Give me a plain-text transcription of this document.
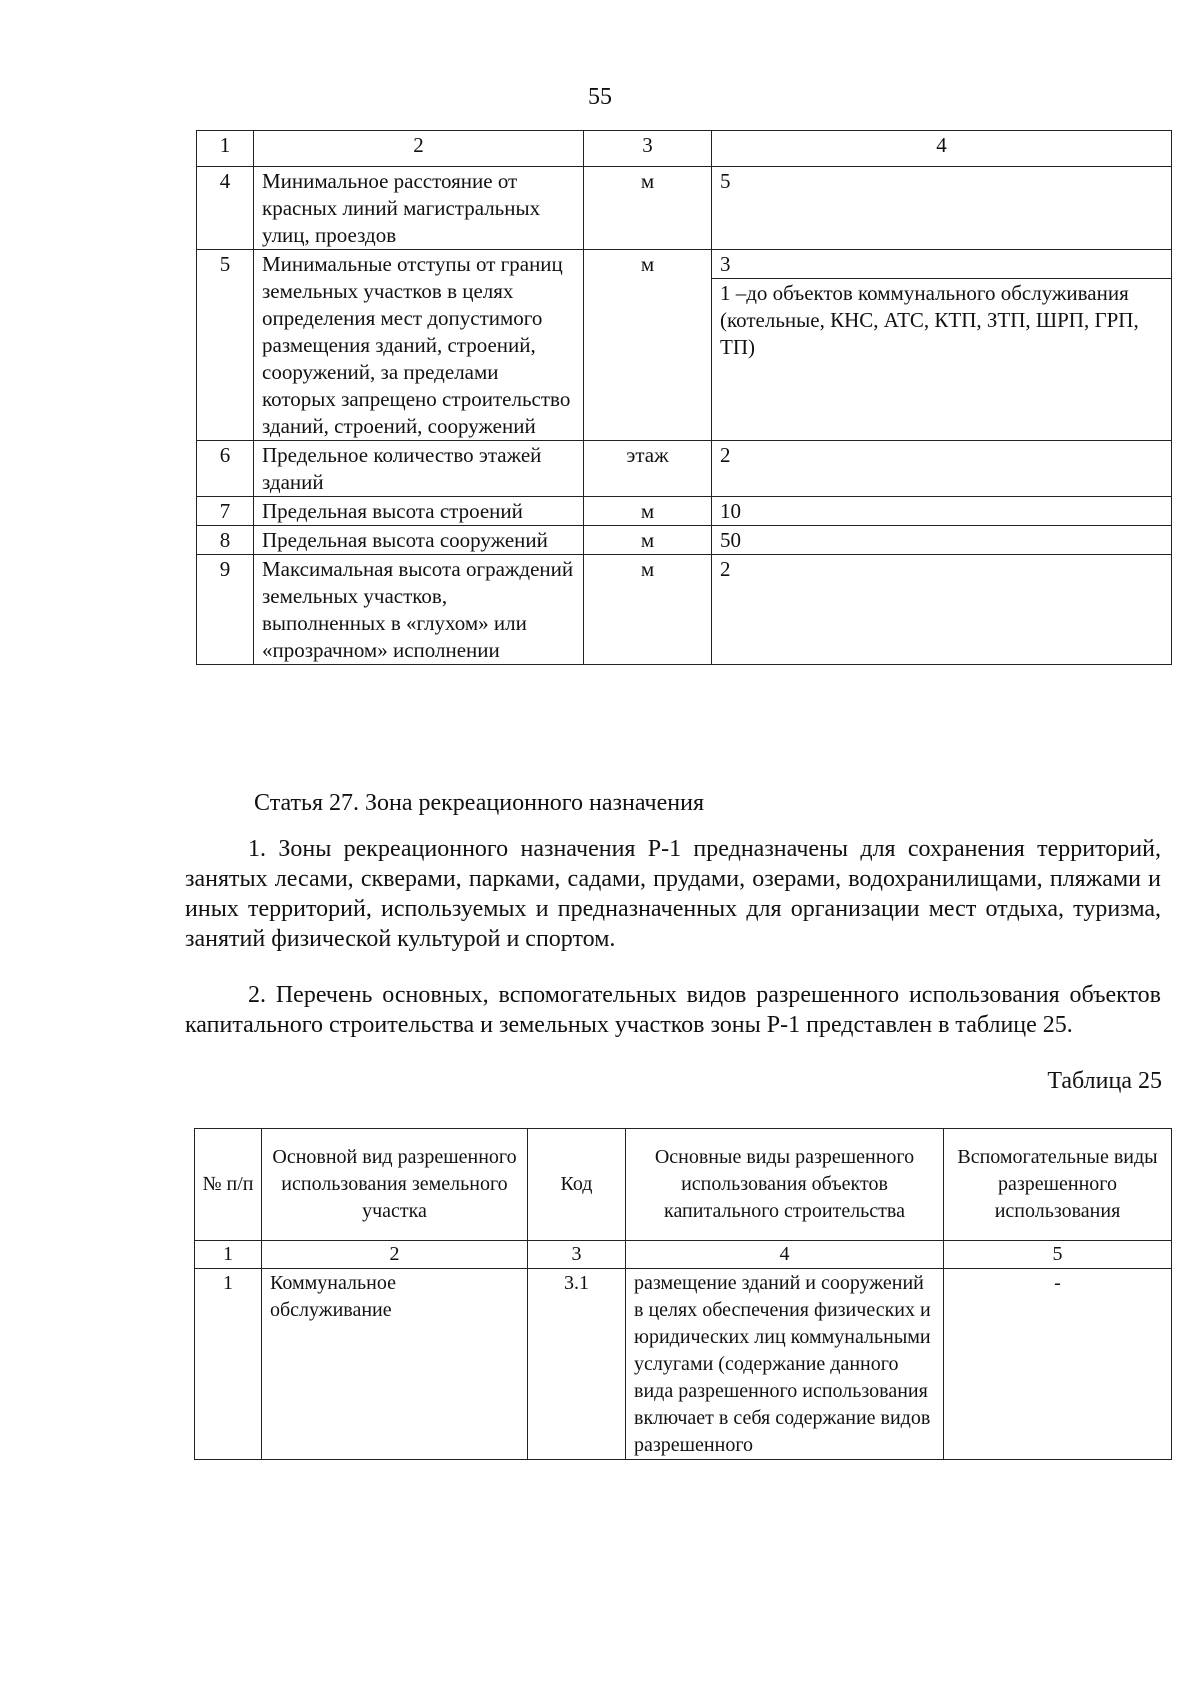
55
1	2	3	4
4	Минимальное расстояние от красных линий магистральных улиц, проездов	м	5
5	Минимальные отступы от границ земельных участков в целях определения мест допустимого размещения зданий, строений, сооружений, за пределами которых запрещено строительство зданий, строений, сооружений	м	3
1 –до объектов коммунального обслуживания (котельные, КНС, АТС, КТП, ЗТП, ШРП, ГРП, ТП)

6	Предельное количество этажей зданий	этаж	2
7	Предельная высота строений	м	10
8	Предельная высота сооружений	м	50
9	Максимальная высота ограждений земельных участков, выполненных в «глухом» или «прозрачном» исполнении	м	2
Статья 27. Зона рекреационного назначения
1. Зоны рекреационного назначения Р-1 предназначены для сохранения территорий, занятых лесами, скверами, парками, садами, прудами, озерами, водохранилищами, пляжами и иных территорий, используемых и предназначенных для организации мест отдыха, туризма, занятий физической культурой и спортом.
2. Перечень основных, вспомогательных видов разрешенного использования объектов капитального строительства и земельных участков зоны Р-1 представлен в таблице 25.
Таблица 25
№ п/п	Основной вид разрешенного использования земельного участка	Код	Основные виды разрешенного использования объектов капитального строительства	Вспомогательные виды разрешенного использования
1	2	3	4	5
1	Коммунальное обслуживание	3.1	размещение зданий и сооружений в целях обеспечения физических и юридических лиц коммунальными услугами (содержание данного вида разрешенного использования включает в себя содержание видов разрешенного	-
